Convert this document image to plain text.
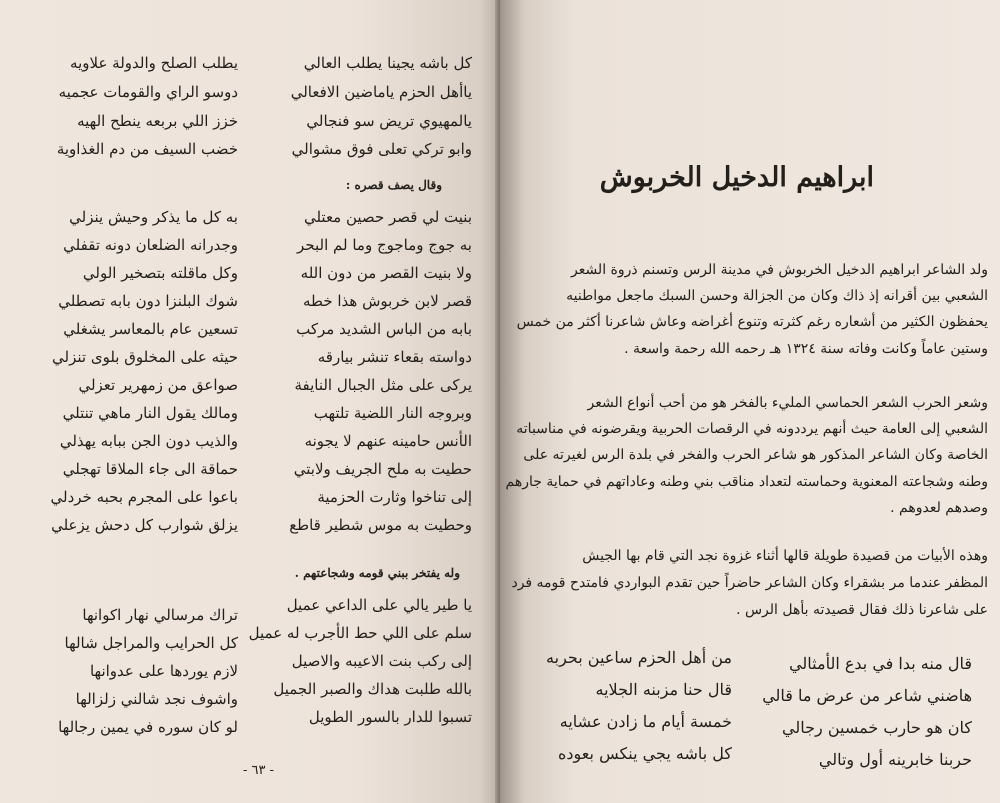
كل باشه يجينا يطلب العالي
ياأهل الحزم ياماضين الافعالي
يالمهيوي تريض سو فنجالي
وابو تركي تعلى فوق مشوالي
يطلب الصلح والدولة علاويه
دوسو الراي والقومات عجميه
خزز اللي بربعه ينطح الهيه
خضب السيف من دم الغذاوية
وقال يصف قصره :
بنيت لي قصر حصين معتلي
به جوج وماجوج وما لم البحر
ولا بنيت القصر من دون الله
قصر لابن خربوش هذا خطه
بابه من الباس الشديد مركب
دواسته بقعاء تنشر بيارقه
يركى على مثل الجبال النايفة
وبروجه النار اللضية تلتهب
الأنس حامينه عنهم لا يجونه
حطيت به ملح الجريف ولابتي
إلى تناخوا وثارت الحزمية
وحطيت به موس شطير قاطع
به كل ما يذكر وحيش ينزلي
وجدرانه الضلعان دونه تقفلي
وكل ماقلته بتصخير الولي
شوك البلنزا دون بابه تصطلي
تسعين عام بالمعاسر يشغلي
حيثه على المخلوق بلوى تنزلي
صواعق من زمهرير تعزلي
ومالك يقول النار ماهي تنتلي
والذيب دون الجن ببابه يهذلي
حماقة الى جاء الملاقا تهجلي
باعوا على المجرم بحبه خردلي
يزلق شوارب كل دحش يزعلي
وله يفتخر ببني قومه وشجاعتهم .
يا طير يالي على الداعي عميل
سلم على اللي حط الأجرب له عميل
إلى ركب بنت الاعيبه والاصيل
بالله طلبت هداك والصبر الجميل
تسبوا للدار بالسور الطويل
تراك مرسالي نهار اكوانها
كل الحرايب والمراجل شالها
لازم يوردها على عدوانها
واشوف نجد شالني زلزالها
لو كان سوره في يمين رجالها
- ٦٣ -
ابراهيم الدخيل الخربوش
ولد الشاعر ابراهيم الدخيل الخربوش في مدينة الرس وتسنم ذروة الشعر
الشعبي بين أقرانه إذ ذاك وكان من الجزالة وحسن السبك ماجعل مواطنيه
يحفظون الكثير من أشعاره رغم كثرته وتنوع أغراضه وعاش شاعرنا أكثر من خمس
وستين عاماً وكانت وفاته سنة ١٣٢٤ هـ رحمه الله رحمة واسعة .
وشعر الحرب الشعر الحماسي المليء بالفخر هو من أحب أنواع الشعر
الشعبي إلى العامة حيث أنهم يرددونه في الرقصات الحربية ويقرضونه في مناسباته
الخاصة وكان الشاعر المذكور هو شاعر الحرب والفخر في بلدة الرس لغيرته على
وطنه وشجاعته المعنوية وحماسته لتعداد مناقب بني وطنه وعاداتهم في حماية جارهم
وصدهم لعدوهم .
وهذه الأبيات من قصيدة طويلة قالها أثناء غزوة نجد التي قام بها الجيش
المظفر عندما مر بشقراء وكان الشاعر حاضراً حين تقدم البواردي فامتدح قومه فرد
على شاعرنا ذلك فقال قصيدته بأهل الرس .
قال منه بدا في بدع الأمثالي
هاضني شاعر من عرض ما قالي
كان هو حارب خمسين رجالي
حربنا خابرينه أول وتالي
من أهل الحزم ساعين بحربه
قال حنا مزبنه الجلايه
خمسة أيام ما زادن عشايه
كل باشه يجي ينكس بعوده
